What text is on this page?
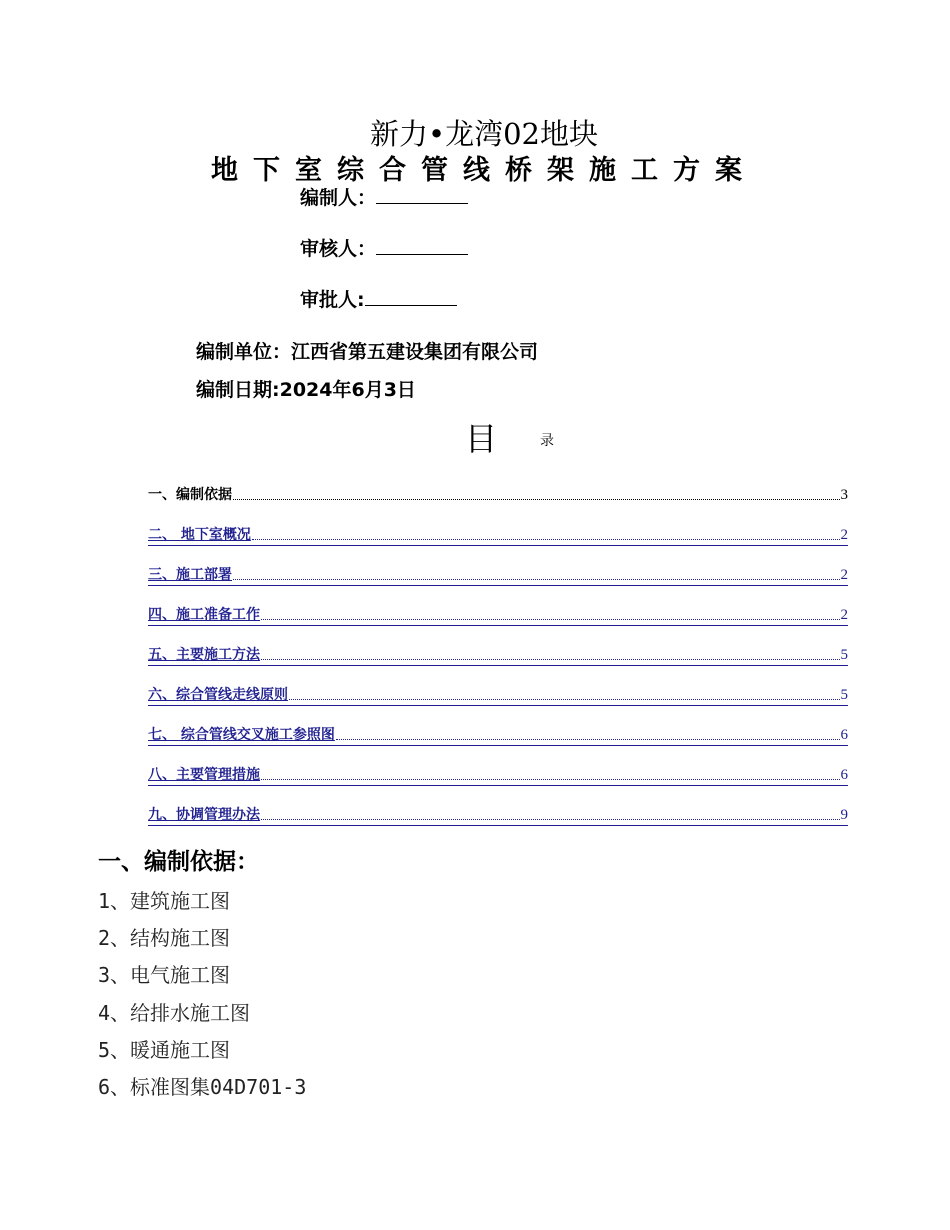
新力•龙湾02地块
地下室综合管线桥架施工方案
编制人：
审核人：
审批人:
编制单位：江西省第五建设集团有限公司
编制日期:2024年6月3日
目	录
一、编制依据	3
二、 地下室概况	2
三、施工部署	2
四、施工准备工作	2
五、主要施工方法	5
六、综合管线走线原则	5
七、 综合管线交叉施工参照图	6
八、主要管理措施	6
九、协调管理办法	9
一、编制依据：
1、建筑施工图
2、结构施工图
3、电气施工图
4、给排水施工图
5、暖通施工图
6、标准图集04D701-3
